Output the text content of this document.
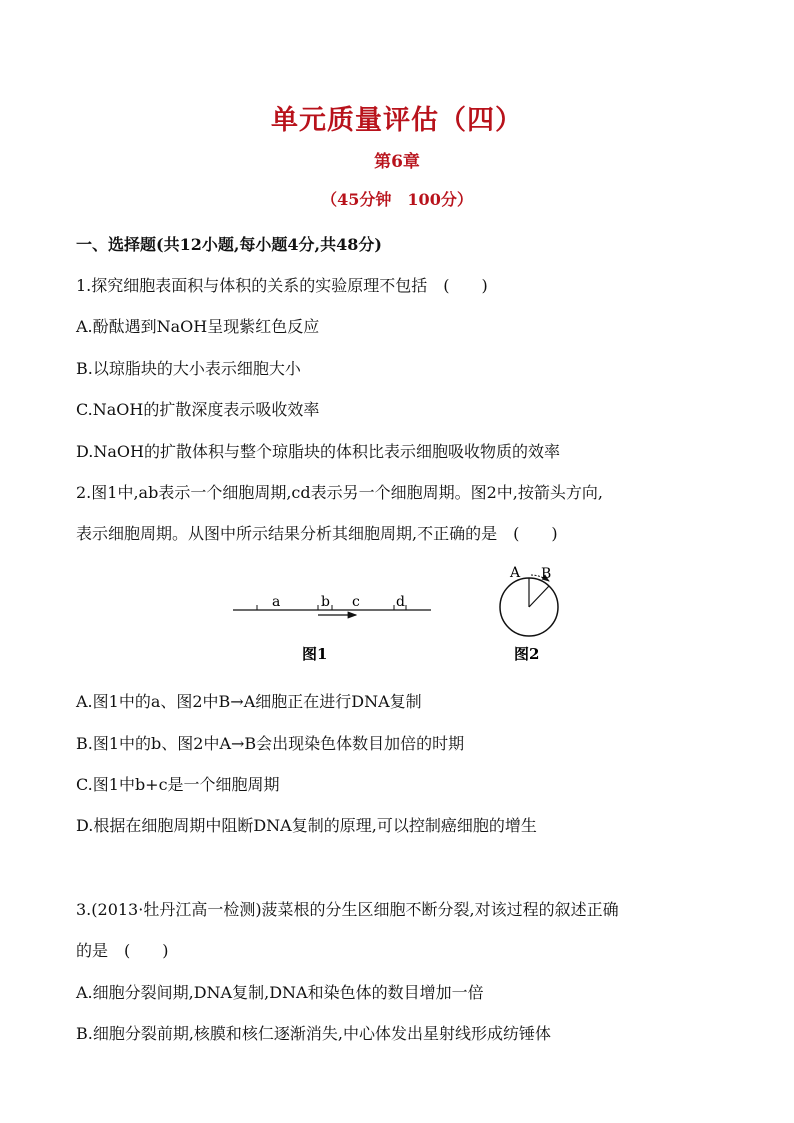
单元质量评估（四）
第6章
（45分钟　100分）
一、选择题(共12小题,每小题4分,共48分)
1.探究细胞表面积与体积的关系的实验原理不包括　(　　)
A.酚酞遇到NaOH呈现紫红色反应
B.以琼脂块的大小表示细胞大小
C.NaOH的扩散深度表示吸收效率
D.NaOH的扩散体积与整个琼脂块的体积比表示细胞吸收物质的效率
2.图1中,ab表示一个细胞周期,cd表示另一个细胞周期。图2中,按箭头方向,
表示细胞周期。从图中所示结果分析其细胞周期,不正确的是　(　　)
a	b c	d
图1
A B
图2
A.图1中的a、图2中B→A细胞正在进行DNA复制
B.图1中的b、图2中A→B会出现染色体数目加倍的时期
C.图1中b+c是一个细胞周期
D.根据在细胞周期中阻断DNA复制的原理,可以控制癌细胞的增生
3.(2013·牡丹江高一检测)菠菜根的分生区细胞不断分裂,对该过程的叙述正确
的是　(　　)
A.细胞分裂间期,DNA复制,DNA和染色体的数目增加一倍
B.细胞分裂前期,核膜和核仁逐渐消失,中心体发出星射线形成纺锤体
